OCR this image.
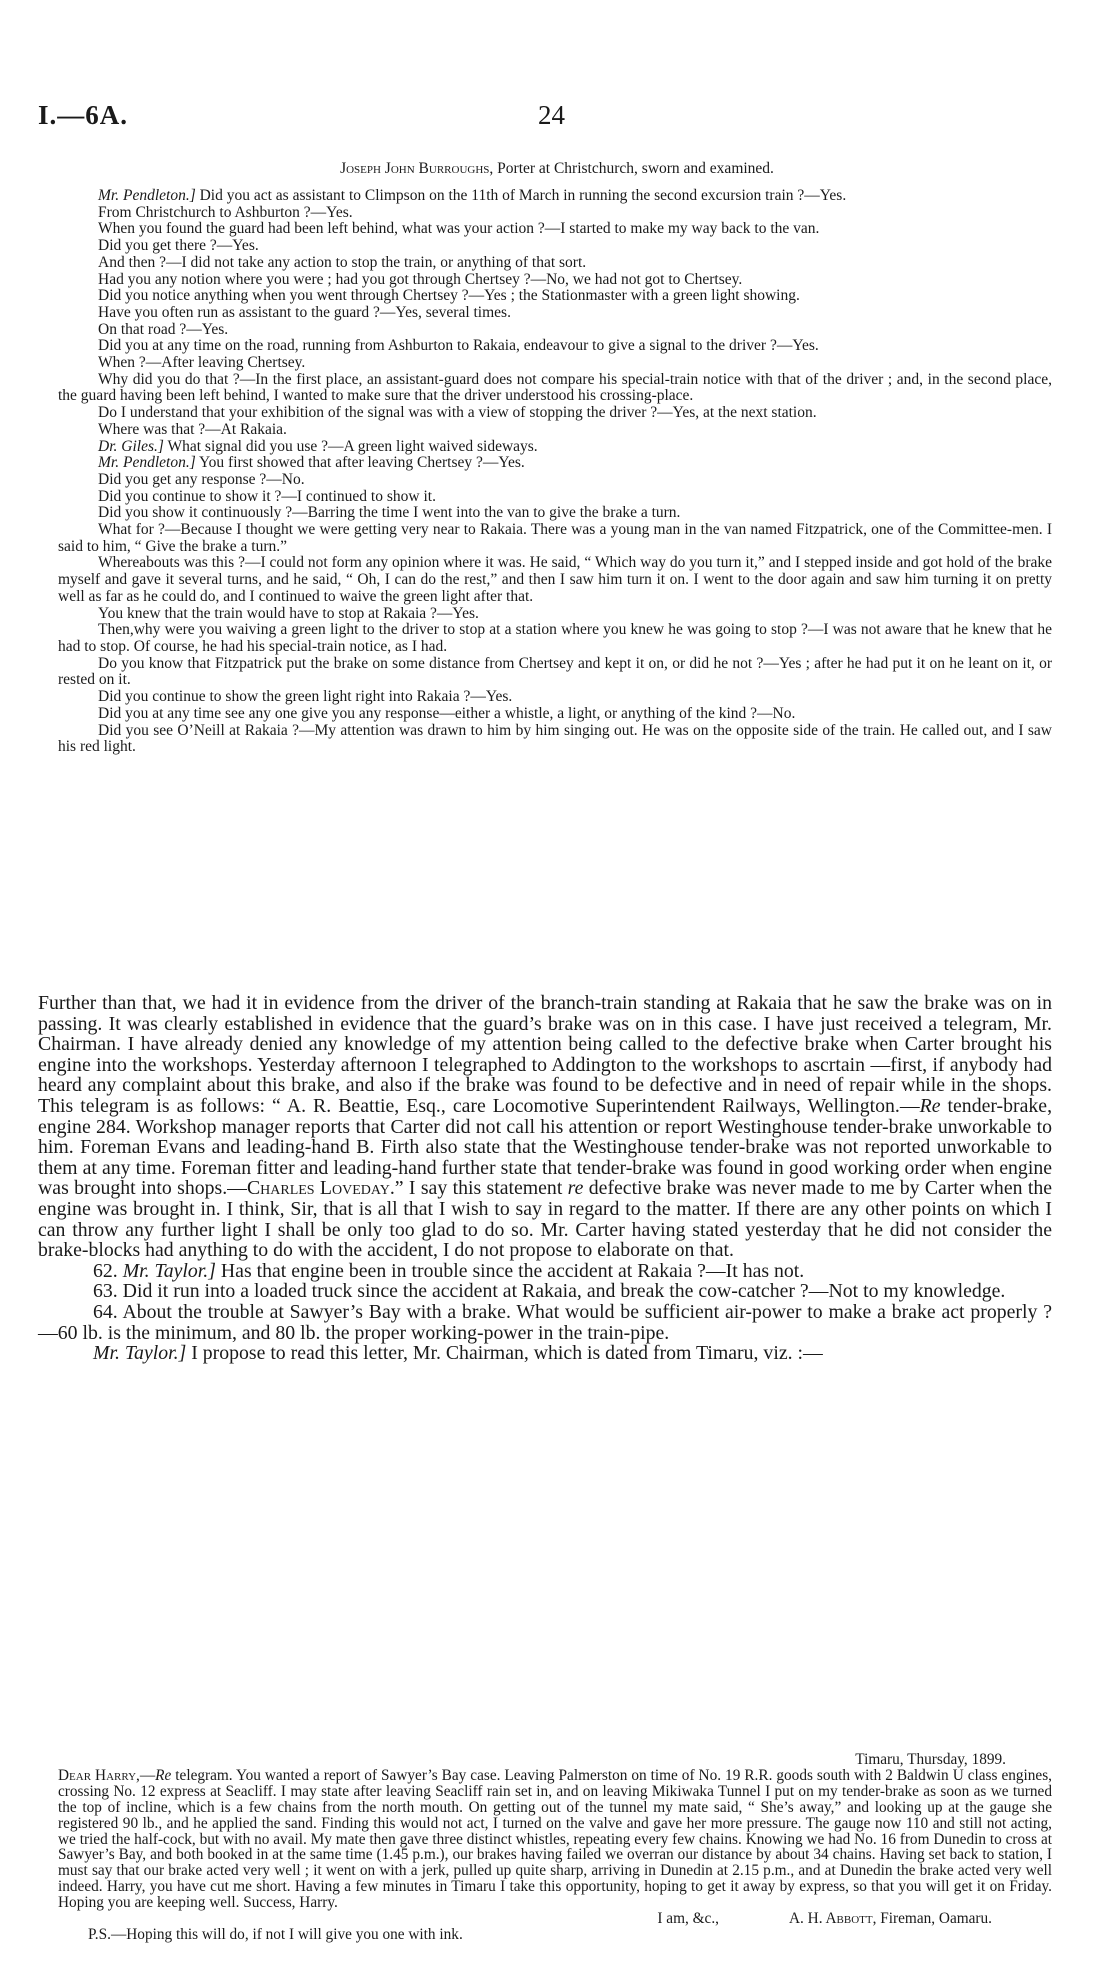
I.—6A.	24
Joseph John Burroughs, Porter at Christchurch, sworn and examined.

Mr. Pendleton.] Did you act as assistant to Climpson on the 11th of March in running the second excursion train ?—Yes.

From Christchurch to Ashburton ?—Yes.

When you found the guard had been left behind, what was your action ?—I started to make my way back to the van.

Did you get there ?—Yes.

And then ?—I did not take any action to stop the train, or anything of that sort.

Had you any notion where you were ; had you got through Chertsey ?—No, we had not got to Chertsey.

Did you notice anything when you went through Chertsey ?—Yes ; the Stationmaster with a green light showing.

Have you often run as assistant to the guard ?—Yes, several times.

On that road ?—Yes.

Did you at any time on the road, running from Ashburton to Rakaia, endeavour to give a signal to the driver ?—Yes.

When ?—After leaving Chertsey.

Why did you do that ?—In the first place, an assistant-guard does not compare his special-train notice with that of the driver ; and, in the second place, the guard having been left behind, I wanted to make sure that the driver understood his crossing-place.

Do I understand that your exhibition of the signal was with a view of stopping the driver ?—Yes, at the next station.

Where was that ?—At Rakaia.

Dr. Giles.] What signal did you use ?—A green light waived sideways.

Mr. Pendleton.] You first showed that after leaving Chertsey ?—Yes.

Did you get any response ?—No.

Did you continue to show it ?—I continued to show it.

Did you show it continuously ?—Barring the time I went into the van to give the brake a turn.

What for ?—Because I thought we were getting very near to Rakaia. There was a young man in the van named Fitzpatrick, one of the Committee-men. I said to him, “ Give the brake a turn.”

Whereabouts was this ?—I could not form any opinion where it was. He said, “ Which way do you turn it,” and I stepped inside and got hold of the brake myself and gave it several turns, and he said, “ Oh, I can do the rest,” and then I saw him turn it on. I went to the door again and saw him turning it on pretty well as far as he could do, and I continued to waive the green light after that.

You knew that the train would have to stop at Rakaia ?—Yes.

Then,why were you waiving a green light to the driver to stop at a station where you knew he was going to stop ?—I was not aware that he knew that he had to stop. Of course, he had his special-train notice, as I had.

Do you know that Fitzpatrick put the brake on some distance from Chertsey and kept it on, or did he not ?—Yes ; after he had put it on he leant on it, or rested on it.

Did you continue to show the green light right into Rakaia ?—Yes.

Did you at any time see any one give you any response—either a whistle, a light, or anything of the kind ?—No.

Did you see O’Neill at Rakaia ?—My attention was drawn to him by him singing out. He was on the opposite side of the train. He called out, and I saw his red light.

Further than that, we had it in evidence from the driver of the branch-train standing at Rakaia that he saw the brake was on in passing. It was clearly established in evidence that the guard’s brake was on in this case. I have just received a telegram, Mr. Chairman. I have already denied any knowledge of my attention being called to the defective brake when Carter brought his engine into the workshops. Yesterday afternoon I telegraphed to Addington to the workshops to ascrtain —first, if anybody had heard any complaint about this brake, and also if the brake was found to be defective and in need of repair while in the shops. This telegram is as follows: “ A. R. Beattie, Esq., care Locomotive Superintendent Railways, Wellington.—Re tender-brake, engine 284. Workshop manager reports that Carter did not call his attention or report Westinghouse tender-brake unworkable to him. Foreman Evans and leading-hand B. Firth also state that the Westinghouse tender-brake was not reported unworkable to them at any time. Foreman fitter and leading-hand further state that tender-brake was found in good working order when engine was brought into shops.—Charles Loveday.” I say this statement re defective brake was never made to me by Carter when the engine was brought in. I think, Sir, that is all that I wish to say in regard to the matter. If there are any other points on which I can throw any further light I shall be only too glad to do so. Mr. Carter having stated yesterday that he did not consider the brake-blocks had anything to do with the accident, I do not propose to elaborate on that.

62. Mr. Taylor.] Has that engine been in trouble since the accident at Rakaia ?—It has not.

63. Did it run into a loaded truck since the accident at Rakaia, and break the cow-catcher ?—Not to my knowledge.

64. About the trouble at Sawyer’s Bay with a brake. What would be sufficient air-power to make a brake act properly ?—60 lb. is the minimum, and 80 lb. the proper working-power in the train-pipe.

Mr. Taylor.] I propose to read this letter, Mr. Chairman, which is dated from Timaru, viz. :—

Timaru, Thursday, 1899.

Dear Harry,—Re telegram. You wanted a report of Sawyer’s Bay case. Leaving Palmerston on time of No. 19 R.R. goods south with 2 Baldwin U class engines, crossing No. 12 express at Seacliff. I may state after leaving Seacliff rain set in, and on leaving Mikiwaka Tunnel I put on my tender-brake as soon as we turned the top of incline, which is a few chains from the north mouth. On getting out of the tunnel my mate said, “ She’s away,” and looking up at the gauge she registered 90 lb., and he applied the sand. Finding this would not act, I turned on the valve and gave her more pressure. The gauge now 110 and still not acting, we tried the half-cock, but with no avail. My mate then gave three distinct whistles, repeating every few chains. Knowing we had No. 16 from Dunedin to cross at Sawyer’s Bay, and both booked in at the same time (1.45 p.m.), our brakes having failed we overran our distance by about 34 chains. Having set back to station, I must say that our brake acted very well ; it went on with a jerk, pulled up quite sharp, arriving in Dunedin at 2.15 p.m., and at Dunedin the brake acted very well indeed. Harry, you have cut me short. Having a few minutes in Timaru I take this opportunity, hoping to get it away by express, so that you will get it on Friday. Hoping you are keeping well. Success, Harry.

I am, &c.,	A. H. Abbott, Fireman, Oamaru.

P.S.—Hoping this will do, if not I will give you one with ink.
